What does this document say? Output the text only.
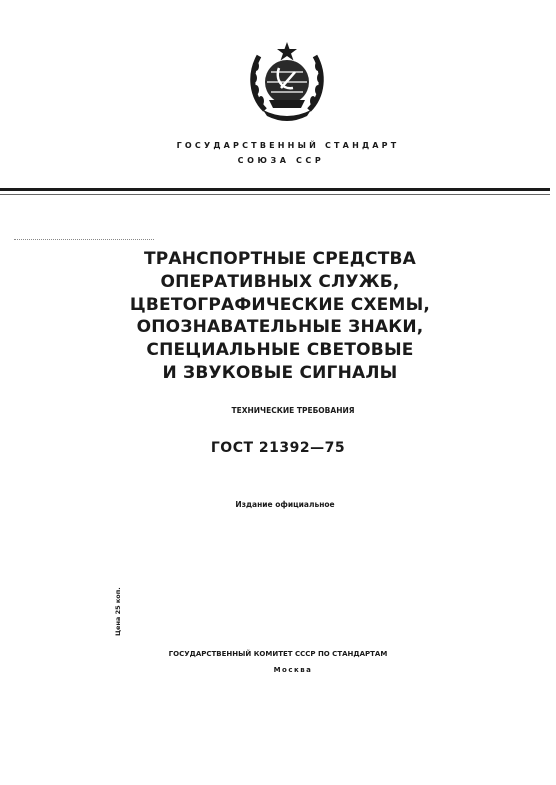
ГОСУДАРСТВЕННЫЙ СТАНДАРТ
СОЮЗА ССР
ТРАНСПОРТНЫЕ СРЕДСТВА
ОПЕРАТИВНЫХ СЛУЖБ,
ЦВЕТОГРАФИЧЕСКИЕ СХЕМЫ,
ОПОЗНАВАТЕЛЬНЫЕ ЗНАКИ,
СПЕЦИАЛЬНЫЕ СВЕТОВЫЕ
И ЗВУКОВЫЕ СИГНАЛЫ
ТЕХНИЧЕСКИЕ ТРЕБОВАНИЯ
ГОСТ 21392—75
Издание официальное
Цена 25 коп.
ГОСУДАРСТВЕННЫЙ КОМИТЕТ СССР ПО СТАНДАРТАМ
Москва
